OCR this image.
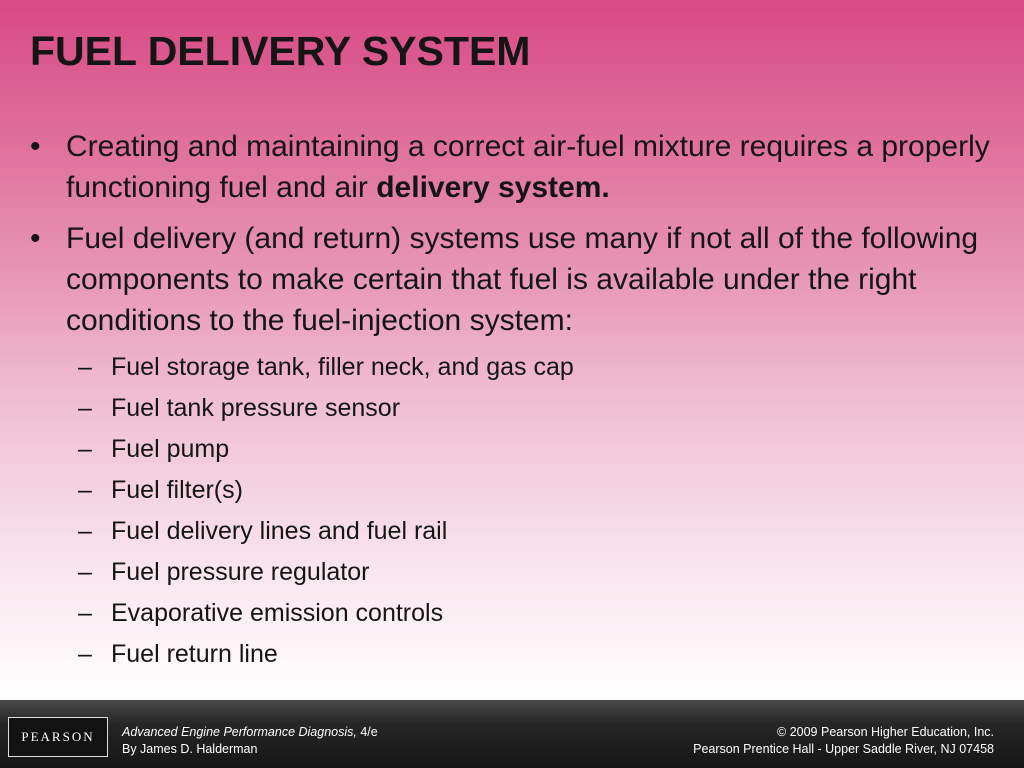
FUEL DELIVERY SYSTEM
• Creating and maintaining a correct air-fuel mixture requires a properly functioning fuel and air delivery system.
• Fuel delivery (and return) systems use many if not all of the following components to make certain that fuel is available under the right conditions to the fuel-injection system:
– Fuel storage tank, filler neck, and gas cap
– Fuel tank pressure sensor
– Fuel pump
– Fuel filter(s)
– Fuel delivery lines and fuel rail
– Fuel pressure regulator
– Evaporative emission controls
– Fuel return line
PEARSON	Advanced Engine Performance Diagnosis, 4/e
By James D. Halderman
© 2009 Pearson Higher Education, Inc.
Pearson Prentice Hall - Upper Saddle River, NJ 07458
